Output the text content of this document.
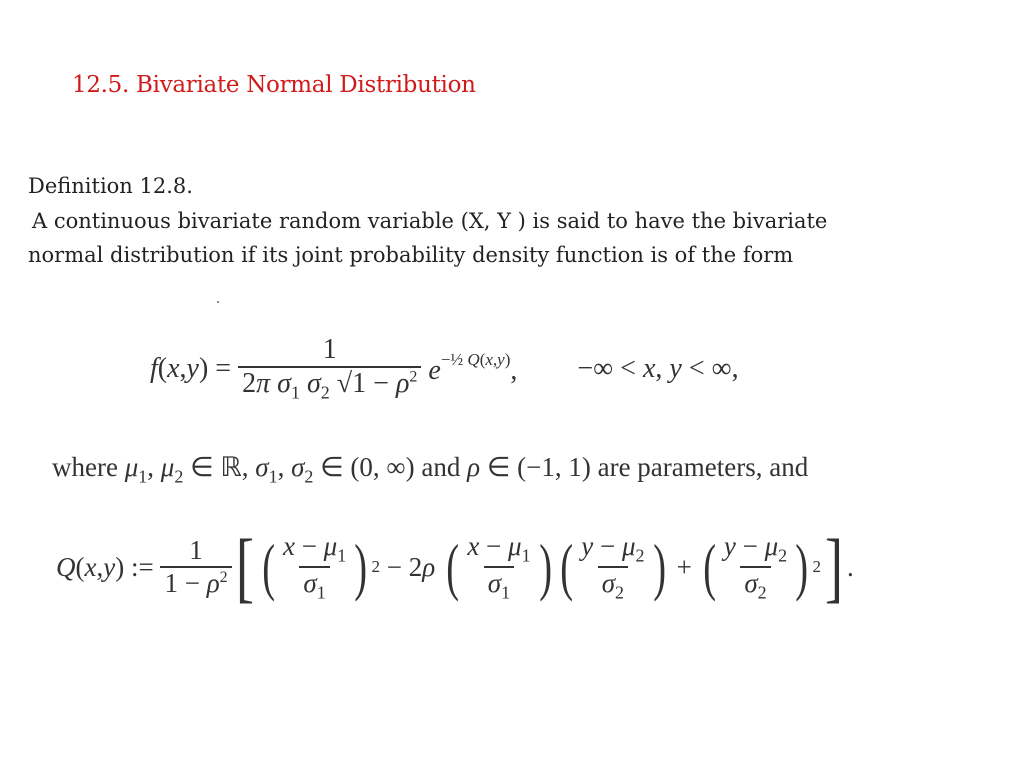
12.5. Bivariate Normal Distribution
Definition 12.8.
A continuous bivariate random variable (X, Y ) is said to have the bivariate
normal distribution if its joint probability density function is of the form
f ( x , y ) = $\frac{1}{2\pi \sigma_1 \sigma_2 √1 - \rho^2} e^{-\frac{1}{2} Q(x,y)}$, −∞ < x, y < ∞,
where $\mu_1$, $\mu_2$ ∈ ℝ, $\sigma_1$, $\sigma_2$ ∈ (0, ∞) and ρ ∈ (−1, 1) are parameters, and
Q ( x , y ) := $\frac{1}{1 - \rho^2}$ [ ( $\frac{x - \mu_1}{\sigma_1}$ ) 2 − 2 ρ
( $\frac{x - \mu_1}{\sigma_1}$ ) ( $\frac{y - \mu_2}{\sigma_2}$ ) + ( $\frac{y - \mu_2}{\sigma_2}$ ) 2 ] .
